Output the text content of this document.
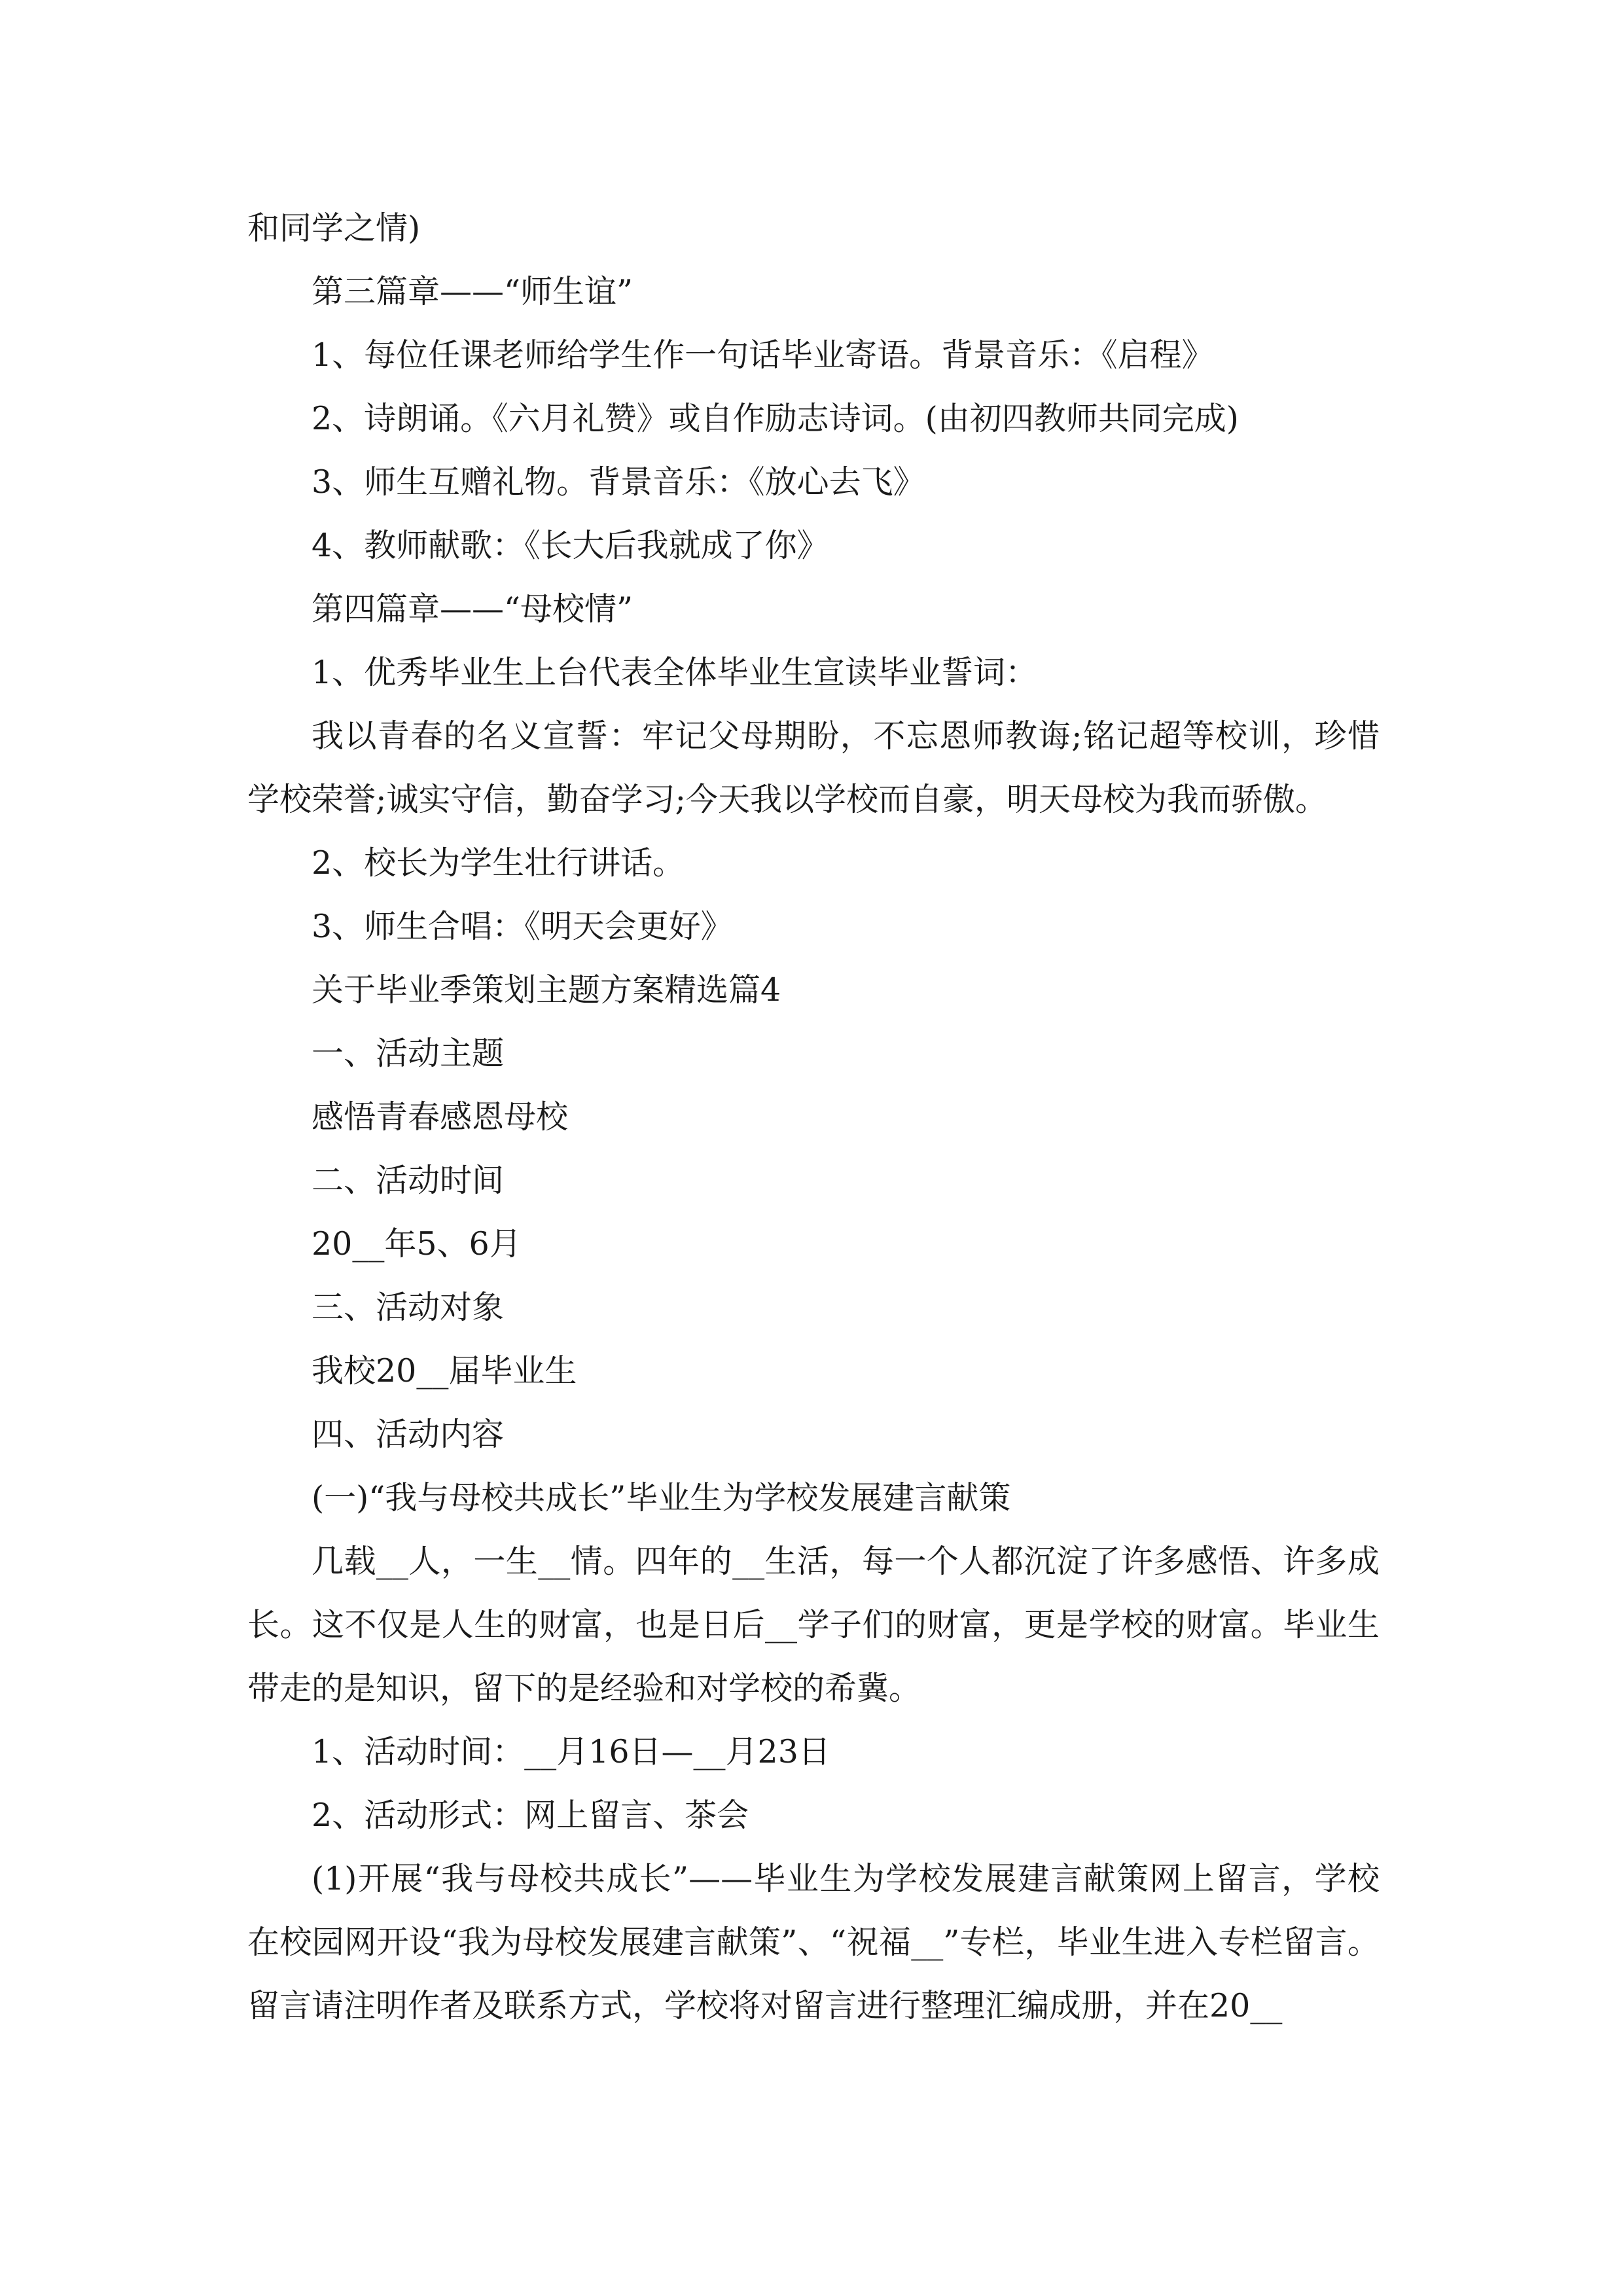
和同学之情)

第三篇章——“师生谊”

1、每位任课老师给学生作一句话毕业寄语。背景音乐：《启程》

2、诗朗诵。《六月礼赞》或自作励志诗词。(由初四教师共同完成)

3、师生互赠礼物。背景音乐：《放心去飞》

4、教师献歌：《长大后我就成了你》

第四篇章——“母校情”

1、优秀毕业生上台代表全体毕业生宣读毕业誓词：

我以青春的名义宣誓：牢记父母期盼，不忘恩师教诲;铭记超等校训，珍惜学校荣誉;诚实守信，勤奋学习;今天我以学校而自豪，明天母校为我而骄傲。

2、校长为学生壮行讲话。

3、师生合唱：《明天会更好》

关于毕业季策划主题方案精选篇4

一、活动主题

感悟青春感恩母校

二、活动时间

20__年5、6月

三、活动对象

我校20__届毕业生

四、活动内容

(一)“我与母校共成长”毕业生为学校发展建言献策

几载__人，一生__情。四年的__生活，每一个人都沉淀了许多感悟、许多成长。这不仅是人生的财富，也是日后__学子们的财富，更是学校的财富。毕业生带走的是知识，留下的是经验和对学校的希冀。

1、活动时间：__月16日—__月23日

2、活动形式：网上留言、茶会

(1)开展“我与母校共成长”——毕业生为学校发展建言献策网上留言，学校在校园网开设“我为母校发展建言献策”、“祝福__”专栏，毕业生进入专栏留言。留言请注明作者及联系方式，学校将对留言进行整理汇编成册，并在20__
